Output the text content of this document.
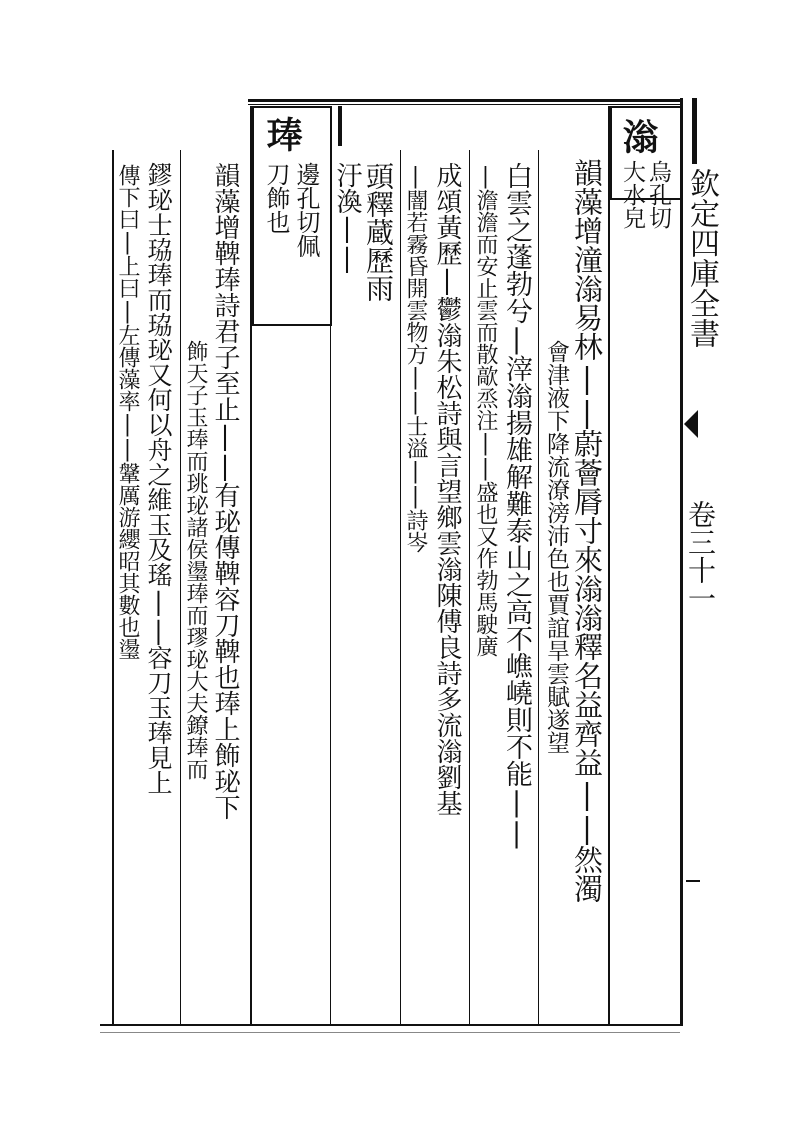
欽定四庫全書
卷三十一
滃
烏孔切
大水皃
韻藻增潼滃易林||蔚薈脣寸來滃滃釋名益齊益||然濁
會津液下降流潦滂沛色也賈誼旱雲賦遂望
白雲之蓬勃兮|滓滃揚雄解難泰山之高不嶕嶢則不能||
|澹澹而安止雲而散歊烝注||盛也又作勃馬駛廣
成頌黃歷|鬱滃朱松詩與言望鄉雲滃陳傅良詩多流滃劉基
|闇若霧昏開雲物方||士溢||詩岑
頭釋蔵歷雨
汙渙||
琫
邊孔切佩
刀飾也
韻藻增鞞琫詩君子至止||有珌傳鞞容刀鞞也琫上飾珌下
飾天子玉琫而珧珌諸侯璗琫而璆珌大夫鐐琫而
鏐珌士珕琫而珕珌又何以舟之維玉及瑤||容刀玉琫見上
傳下曰|上曰|左傳藻率||鞶厲游纓昭其數也璗
